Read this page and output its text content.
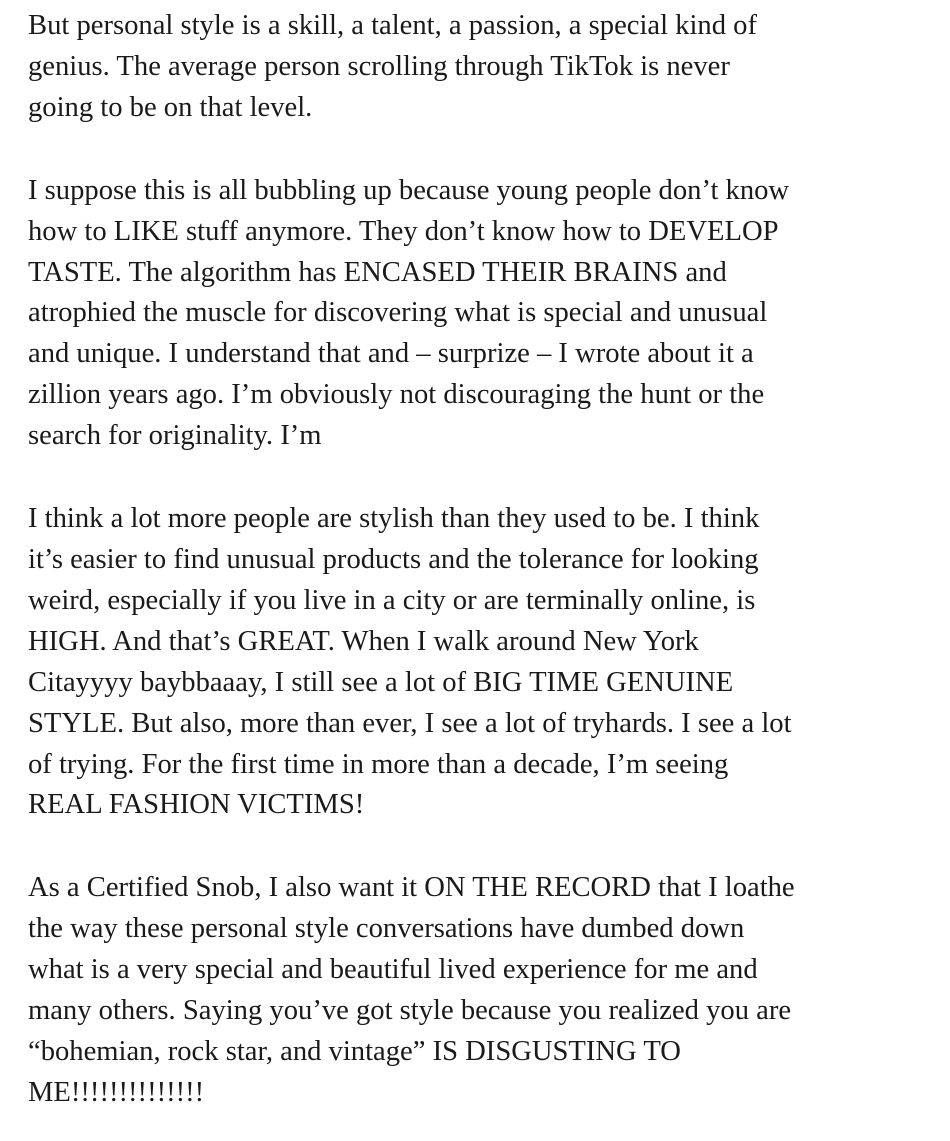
But personal style is a skill, a talent, a passion, a special kind of
genius. The average person scrolling through TikTok is never
going to be on that level.

I suppose this is all bubbling up because young people don’t know
how to LIKE stuff anymore. They don’t know how to DEVELOP
TASTE. The algorithm has ENCASED THEIR BRAINS and
atrophied the muscle for discovering what is special and unusual
and unique. I understand that and – surprize – I wrote about it a
zillion years ago. I’m obviously not discouraging the hunt or the
search for originality. I’m

I think a lot more people are stylish than they used to be. I think
it’s easier to find unusual products and the tolerance for looking
weird, especially if you live in a city or are terminally online, is
HIGH. And that’s GREAT. When I walk around New York
Citayyyy baybbaaay, I still see a lot of BIG TIME GENUINE
STYLE. But also, more than ever, I see a lot of tryhards. I see a lot
of trying. For the first time in more than a decade, I’m seeing
REAL FASHION VICTIMS!

As a Certified Snob, I also want it ON THE RECORD that I loathe
the way these personal style conversations have dumbed down
what is a very special and beautiful lived experience for me and
many others. Saying you’ve got style because you realized you are
“bohemian, rock star, and vintage” IS DISGUSTING TO
ME!!!!!!!!!!!!!!
